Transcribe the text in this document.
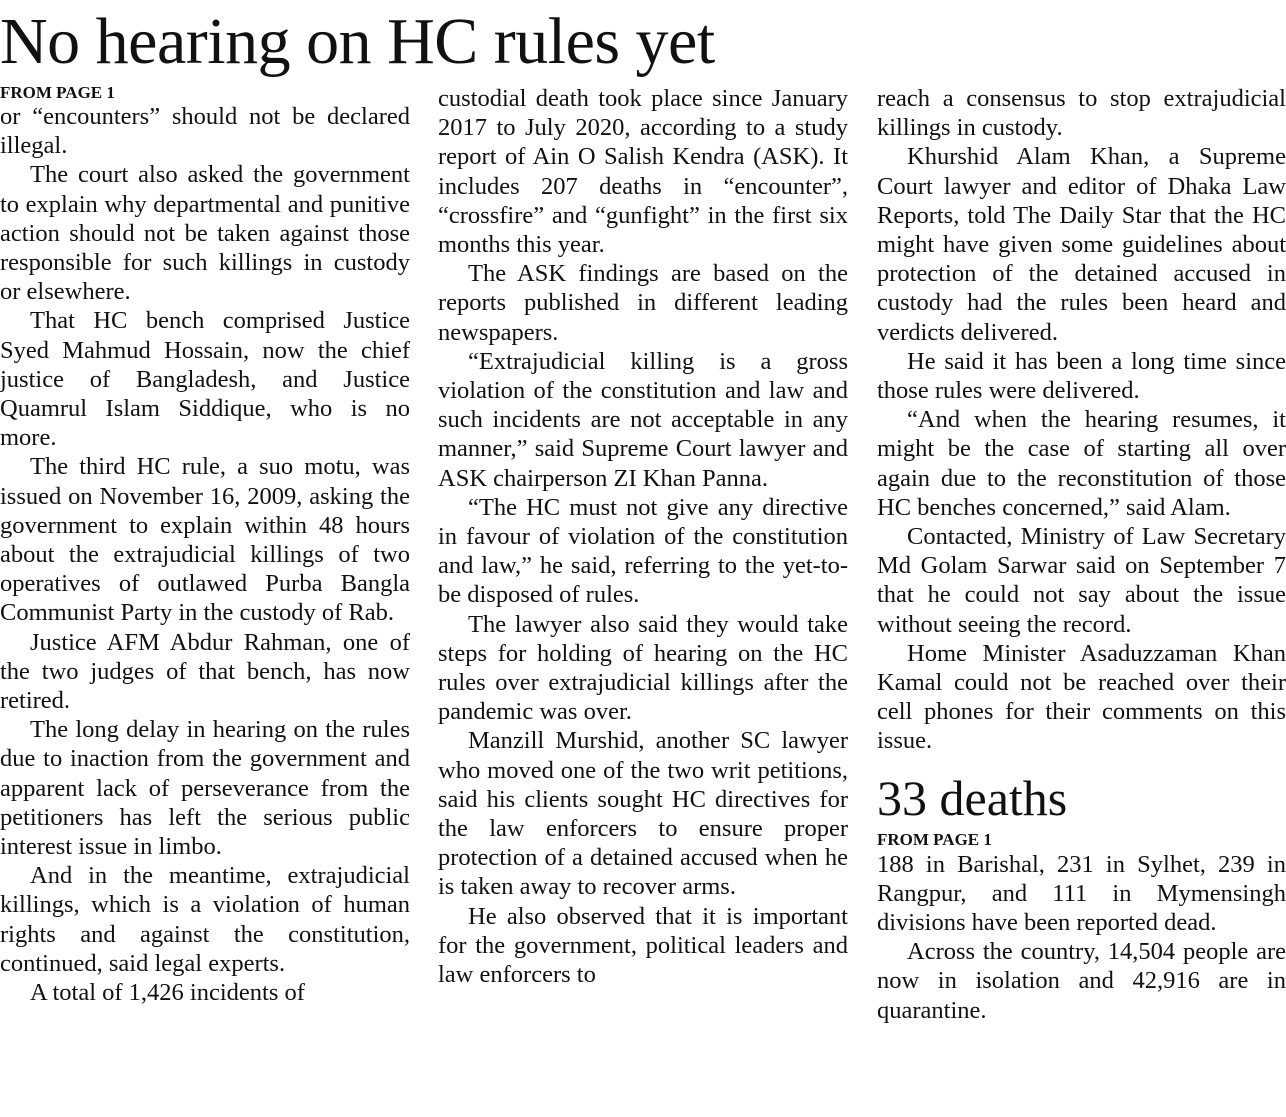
No hearing on HC rules yet
FROM PAGE 1

or “encounters” should not be declared illegal.

The court also asked the government to explain why departmental and punitive action should not be taken against those responsible for such killings in custody or elsewhere.

That HC bench comprised Justice Syed Mahmud Hossain, now the chief justice of Bangladesh, and Justice Quamrul Islam Siddique, who is no more.

The third HC rule, a suo motu, was issued on November 16, 2009, asking the government to explain within 48 hours about the extrajudicial killings of two operatives of outlawed Purba Bangla Communist Party in the custody of Rab.

Justice AFM Abdur Rahman, one of the two judges of that bench, has now retired.

The long delay in hearing on the rules due to inaction from the government and apparent lack of perseverance from the petitioners has left the serious public interest issue in limbo.

And in the meantime, extrajudicial killings, which is a violation of human rights and against the constitution, continued, said legal experts.

A total of 1,426 incidents of

custodial death took place since January 2017 to July 2020, according to a study report of Ain O Salish Kendra (ASK). It includes 207 deaths in “encounter”, “crossfire” and “gunfight” in the first six months this year.

The ASK findings are based on the reports published in different leading newspapers.

“Extrajudicial killing is a gross violation of the constitution and law and such incidents are not acceptable in any manner,” said Supreme Court lawyer and ASK chairperson ZI Khan Panna.

“The HC must not give any directive in favour of violation of the constitution and law,” he said, referring to the yet-to-be disposed of rules.

The lawyer also said they would take steps for holding of hearing on the HC rules over extrajudicial killings after the pandemic was over.

Manzill Murshid, another SC lawyer who moved one of the two writ petitions, said his clients sought HC directives for the law enforcers to ensure proper protection of a detained accused when he is taken away to recover arms.

He also observed that it is important for the government, political leaders and law enforcers to

reach a consensus to stop extrajudicial killings in custody.

Khurshid Alam Khan, a Supreme Court lawyer and editor of Dhaka Law Reports, told The Daily Star that the HC might have given some guidelines about protection of the detained accused in custody had the rules been heard and verdicts delivered.

He said it has been a long time since those rules were delivered.

“And when the hearing resumes, it might be the case of starting all over again due to the reconstitution of those HC benches concerned,” said Alam.

Contacted, Ministry of Law Secretary Md Golam Sarwar said on September 7 that he could not say about the issue without seeing the record.

Home Minister Asaduzzaman Khan Kamal could not be reached over their cell phones for their comments on this issue.

33 deaths
FROM PAGE 1

188 in Barishal, 231 in Sylhet, 239 in Rangpur, and 111 in Mymensingh divisions have been reported dead.

Across the country, 14,504 people are now in isolation and 42,916 are in quarantine.
